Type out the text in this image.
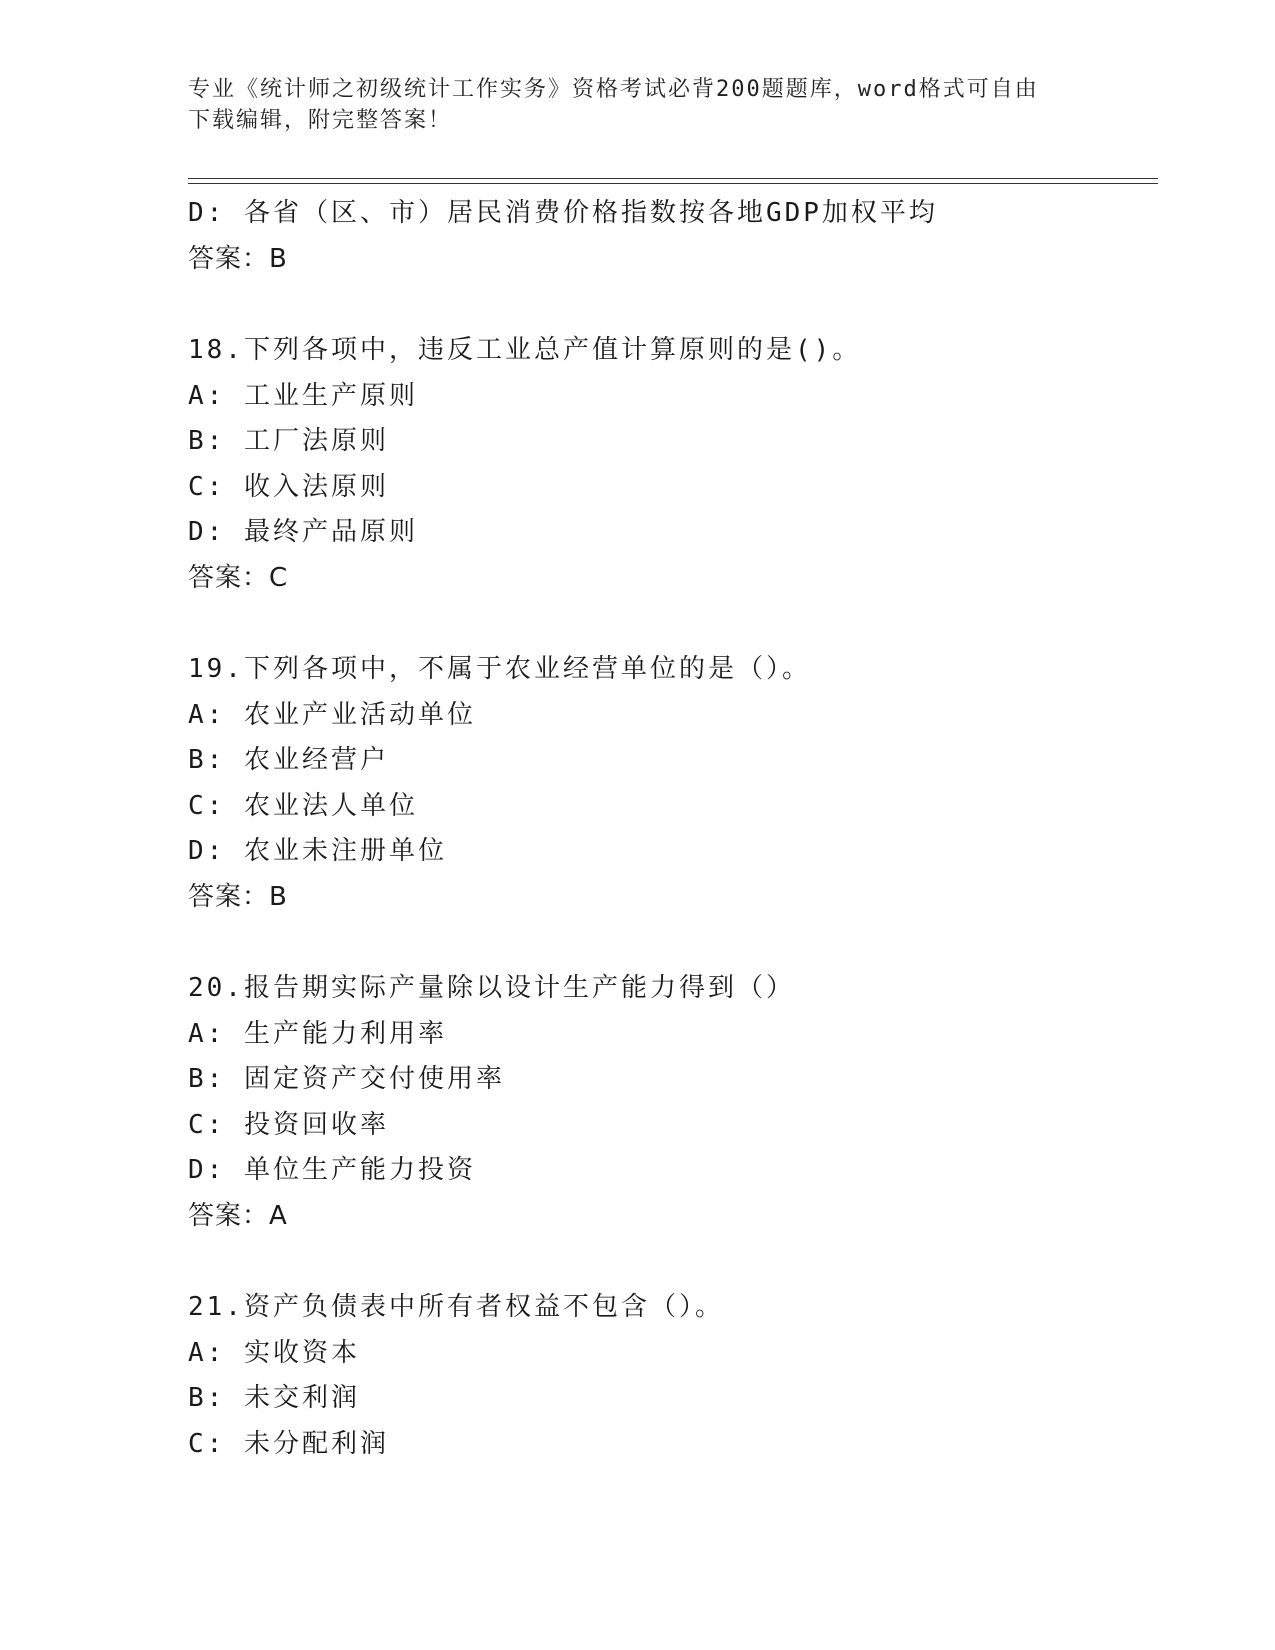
专业《统计师之初级统计工作实务》资格考试必背200题题库，word格式可自由
下载编辑，附完整答案！
D: 各省（区、市）居民消费价格指数按各地GDP加权平均
答案：B
18.下列各项中，违反工业总产值计算原则的是()。
A: 工业生产原则
B: 工厂法原则
C: 收入法原则
D: 最终产品原则
答案：C
19.下列各项中，不属于农业经营单位的是（）。
A: 农业产业活动单位
B: 农业经营户
C: 农业法人单位
D: 农业未注册单位
答案：B
20.报告期实际产量除以设计生产能力得到（）
A: 生产能力利用率
B: 固定资产交付使用率
C: 投资回收率
D: 单位生产能力投资
答案：A
21.资产负债表中所有者权益不包含（）。
A: 实收资本
B: 未交利润
C: 未分配利润
